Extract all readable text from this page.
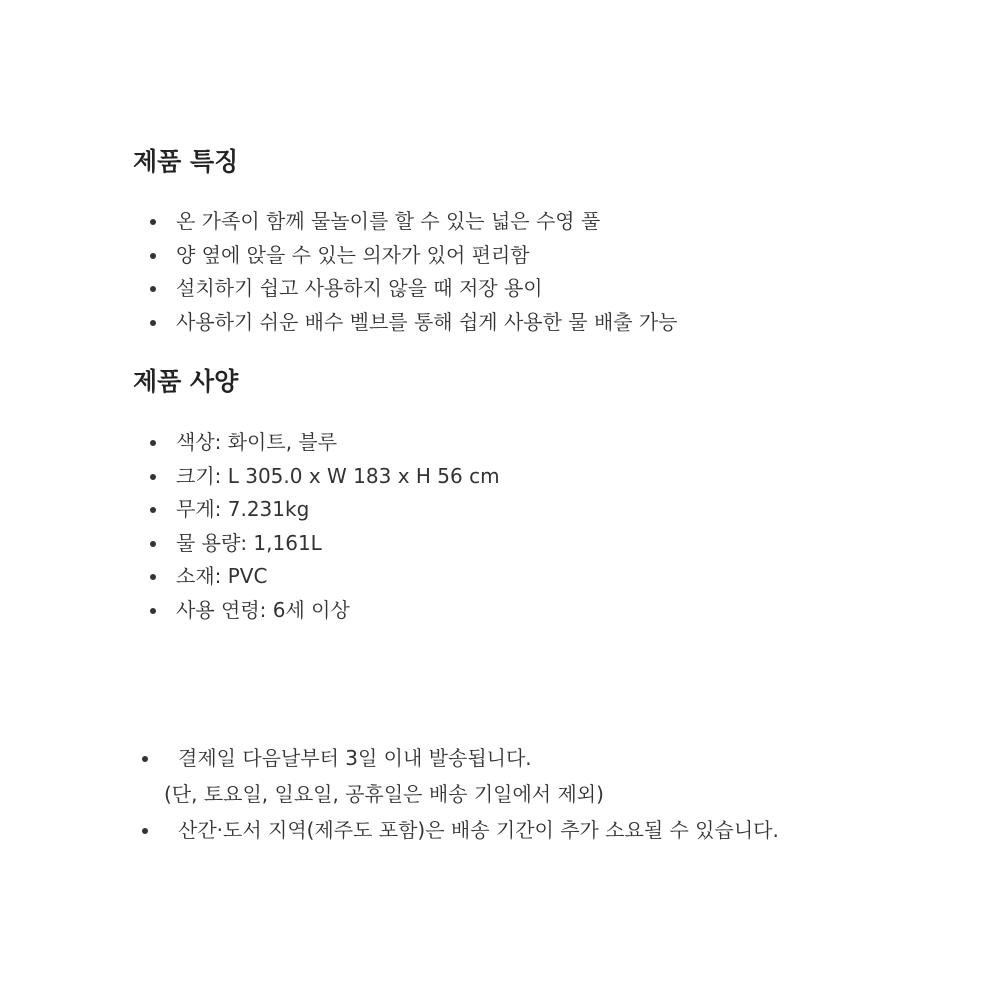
제품 특징
온 가족이 함께 물놀이를 할 수 있는 넓은 수영 풀
양 옆에 앉을 수 있는 의자가 있어 편리함
설치하기 쉽고 사용하지 않을 때 저장 용이
사용하기 쉬운 배수 벨브를 통해 쉽게 사용한 물 배출 가능
제품 사양
색상: 화이트, 블루
크기: L 305.0 x W 183 x H 56 cm
무게: 7.231kg
물 용량: 1,161L
소재: PVC
사용 연령: 6세 이상
결제일 다음날부터 3일 이내 발송됩니다.
(단, 토요일, 일요일, 공휴일은 배송 기일에서 제외)
산간·도서 지역(제주도 포함)은 배송 기간이 추가 소요될 수 있습니다.
